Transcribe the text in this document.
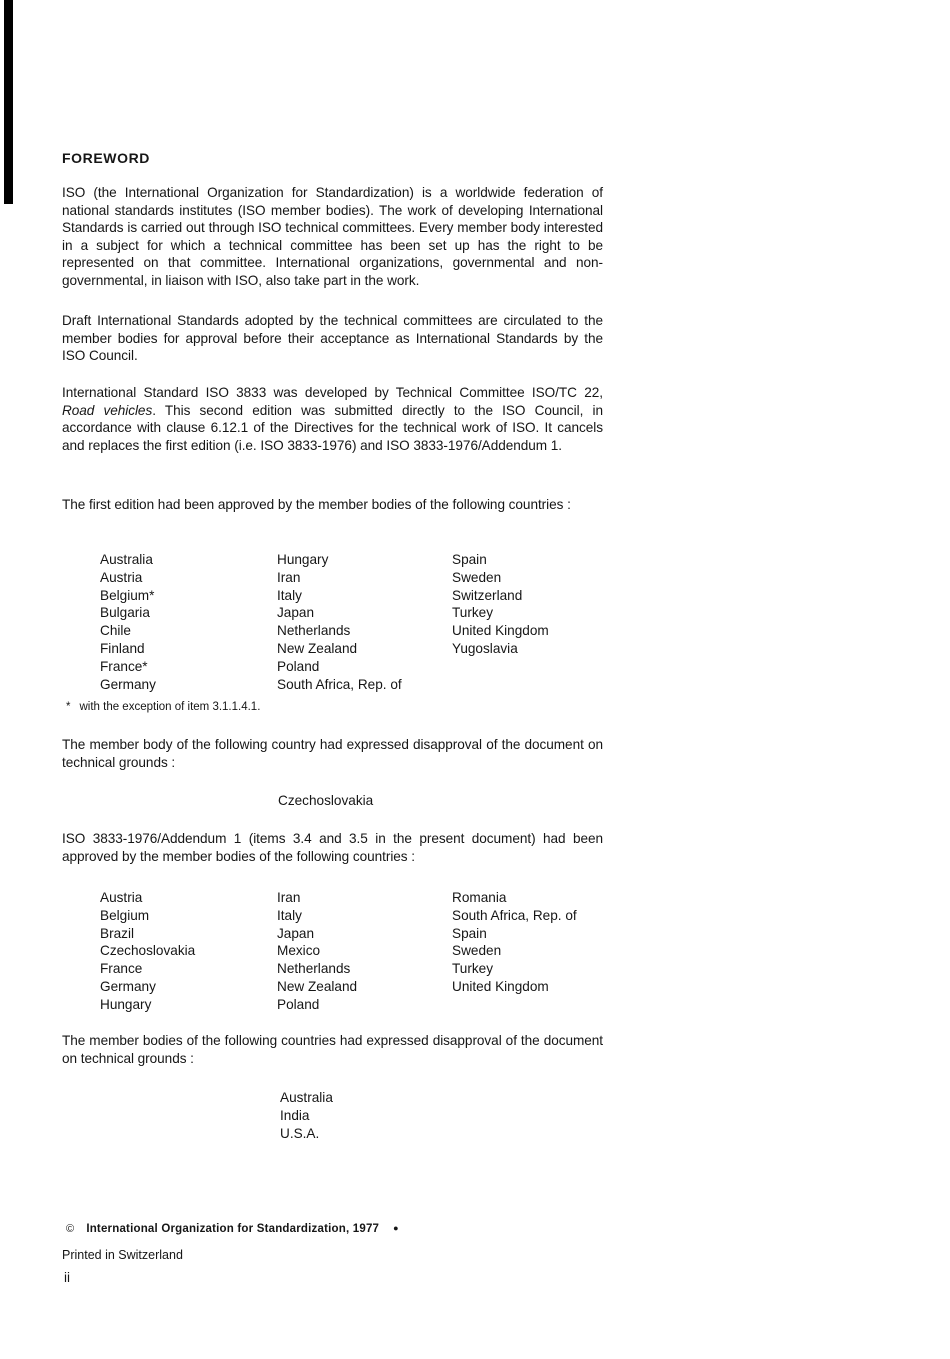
FOREWORD
ISO (the International Organization for Standardization) is a worldwide federation of national standards institutes (ISO member bodies). The work of developing International Standards is carried out through ISO technical committees. Every member body interested in a subject for which a technical committee has been set up has the right to be represented on that committee. International organizations, governmental and non-governmental, in liaison with ISO, also take part in the work.
Draft International Standards adopted by the technical committees are circulated to the member bodies for approval before their acceptance as International Standards by the ISO Council.
International Standard ISO 3833 was developed by Technical Committee ISO/TC 22, Road vehicles. This second edition was submitted directly to the ISO Council, in accordance with clause 6.12.1 of the Directives for the technical work of ISO. It cancels and replaces the first edition (i.e. ISO 3833-1976) and ISO 3833-1976/Addendum 1.
The first edition had been approved by the member bodies of the following countries :
Australia
Austria
Belgium*
Bulgaria
Chile
Finland
France*
Germany
Hungary
Iran
Italy
Japan
Netherlands
New Zealand
Poland
South Africa, Rep. of
Spain
Sweden
Switzerland
Turkey
United Kingdom
Yugoslavia
* with the exception of item 3.1.1.4.1.
The member body of the following country had expressed disapproval of the document on technical grounds :
Czechoslovakia
ISO 3833-1976/Addendum 1 (items 3.4 and 3.5 in the present document) had been approved by the member bodies of the following countries :
Austria
Belgium
Brazil
Czechoslovakia
France
Germany
Hungary
Iran
Italy
Japan
Mexico
Netherlands
New Zealand
Poland
Romania
South Africa, Rep. of
Spain
Sweden
Turkey
United Kingdom
The member bodies of the following countries had expressed disapproval of the document on technical grounds :
Australia
India
U.S.A.
© International Organization for Standardization, 1977 ●
Printed in Switzerland
ii
